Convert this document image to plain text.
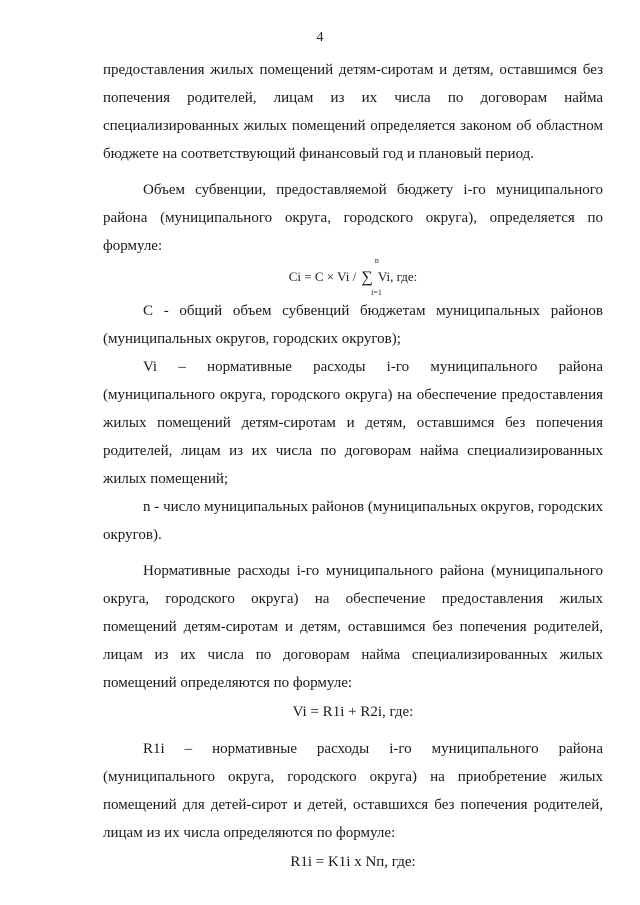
4

предоставления жилых помещений детям-сиротам и детям, оставшимся без попечения родителей, лицам из их числа по договорам найма специализированных жилых помещений определяется законом об областном бюджете на соответствующий финансовый год и плановый период.

Объем субвенции, предоставляемой бюджету i-го муниципального района (муниципального округа, городского округа), определяется по формуле:

Ci = C × Vi / ∑
n
i=1
Vi, где:

С - общий объем субвенций бюджетам муниципальных районов (муниципальных округов, городских округов);

Vi – нормативные расходы i-го муниципального района (муниципального округа, городского округа) на обеспечение предоставления жилых помещений детям-сиротам и детям, оставшимся без попечения родителей, лицам из их числа по договорам найма специализированных жилых помещений;

n - число муниципальных районов (муниципальных округов, городских округов).

Нормативные расходы i-го муниципального района (муниципального округа, городского округа) на обеспечение предоставления жилых помещений детям-сиротам и детям, оставшимся без попечения родителей, лицам из их числа по договорам найма специализированных жилых помещений определяются по формуле:

Vi = R1i + R2i, где:

R1i – нормативные расходы i-го муниципального района (муниципального округа, городского округа) на приобретение жилых помещений для детей-сирот и детей, оставшихся без попечения родителей, лицам из их числа определяются по формуле:

R1i = K1i x Nп, где:
